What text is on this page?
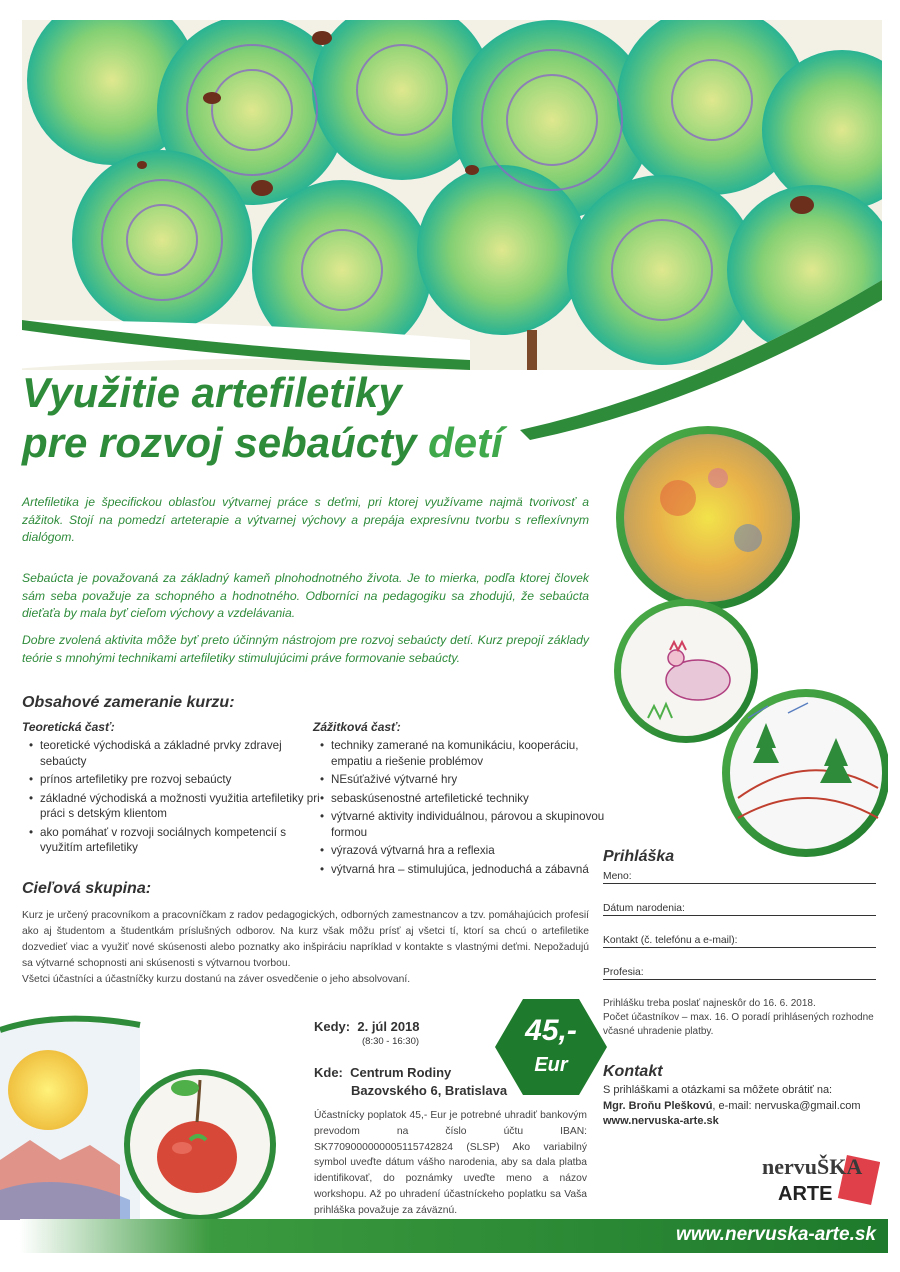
Využitie artefiletiky
pre rozvoj sebaúcty detí
Artefiletika je špecifickou oblasťou výtvarnej práce s deťmi, pri ktorej využívame najmä tvorivosť a zážitok. Stojí na pomedzí arteterapie a výtvarnej výchovy a prepája expresívnu tvorbu s reflexívnym dialógom.
Sebaúcta je považovaná za základný kameň plnohodnotného života. Je to mierka, podľa ktorej človek sám seba považuje za schopného a hodnotného. Odborníci na pedagogiku sa zhodujú, že sebaúcta dieťaťa by mala byť cieľom výchovy a vzdelávania.
Dobre zvolená aktivita môže byť preto účinným nástrojom pre rozvoj sebaúcty detí. Kurz prepojí základy teórie s mnohými technikami artefiletiky stimulujúcimi práve formovanie sebaúcty.
Obsahové zameranie kurzu:
Teoretická časť:	Zážitková časť:
• teoretické východiská a základné prvky zdravej sebaúcty
• prínos artefiletiky pre rozvoj sebaúcty
• základné východiská a možnosti využitia artefiletiky pri práci s detským klientom
• ako pomáhať v rozvoji sociálnych kompetencií s využitím artefiletiky
• techniky zamerané na komunikáciu, kooperáciu, empatiu a riešenie problémov
• NEsúťaživé výtvarné hry
• sebaskúsenostné artefiletické techniky
• výtvarné aktivity individuálnou, párovou a skupinovou formou
• výrazová výtvarná hra a reflexia
• výtvarná hra – stimulujúca, jednoduchá a zábavná
Cieľová skupina:
Kurz je určený pracovníkom a pracovníčkam z radov pedagogických, odborných zamestnancov a tzv. pomáhajúcich profesií ako aj študentom a študentkám príslušných odborov. Na kurz však môžu prísť aj všetci tí, ktorí sa chcú o artefiletike dozvedieť viac a využiť nové skúsenosti alebo poznatky ako inšpiráciu napríklad v kontakte s vlastnými deťmi. Nepožadujú sa výtvarné schopnosti ani skúsenosti s výtvarnou tvorbou.
Všetci účastníci a účastníčky kurzu dostanú na záver osvedčenie o jeho absolvovaní.
Kedy: 2. júl 2018
(8:30 - 16:30)
Kde: Centrum Rodiny
Bazovského 6, Bratislava
Účastnícky poplatok 45,- Eur je potrebné uhradiť bankovým prevodom na číslo účtu IBAN: SK7709000000005115742824 (SLSP) Ako variabilný symbol uveďte dátum vášho narodenia, aby sa dala platba identifikovať, do poznámky uveďte meno a názov workshopu. Až po uhradení účastníckeho poplatku sa Vaša prihláška považuje za záväznú.
45,-
Eur
Prihláška
Meno:
Dátum narodenia:
Kontakt (č. telefónu a e-mail):
Profesia:
Prihlášku treba poslať najneskôr do 16. 6. 2018.
Počet účastníkov – max. 16. O poradí prihlásených rozhodne včasné uhradenie platby.
Kontakt
S prihláškami a otázkami sa môžete obrátiť na:
Mgr. Broňu Pleškovú, e-mail: nervuska@gmail.com
www.nervuska-arte.sk
nervuŠKA
ARTE
www.nervuska-arte.sk
